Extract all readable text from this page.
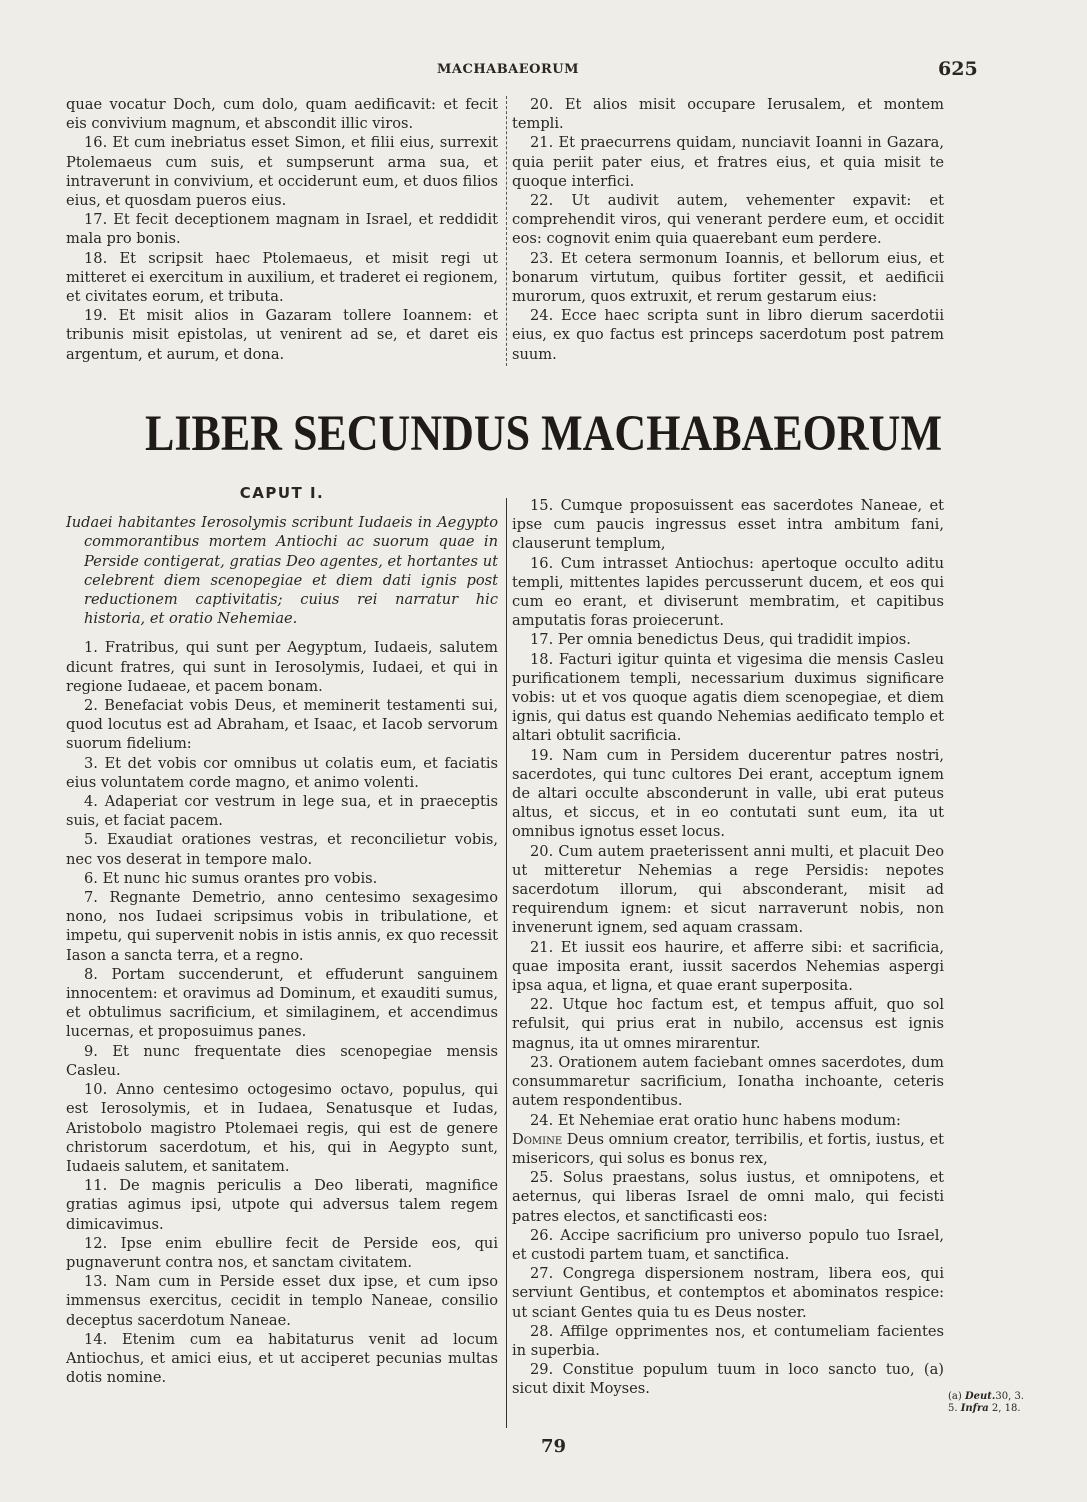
MACHABAEORUM	625

quae vocatur Doch, cum dolo, quam aedificavit: et fecit eis convivium magnum, et abscondit illic viros.

16. Et cum inebriatus esset Simon, et filii eius, surrexit Ptolemaeus cum suis, et sumpserunt arma sua, et intraverunt in convivium, et occiderunt eum, et duos filios eius, et quosdam pueros eius.

17. Et fecit deceptionem magnam in Israel, et reddidit mala pro bonis.

18. Et scripsit haec Ptolemaeus, et misit regi ut mitteret ei exercitum in auxilium, et traderet ei regionem, et civitates eorum, et tributa.

19. Et misit alios in Gazaram tollere Ioannem: et tribunis misit epistolas, ut venirent ad se, et daret eis argentum, et aurum, et dona.

20. Et alios misit occupare Ierusalem, et montem templi.

21. Et praecurrens quidam, nunciavit Ioanni in Gazara, quia periit pater eius, et fratres eius, et quia misit te quoque interfici.

22. Ut audivit autem, vehementer expavit: et comprehendit viros, qui venerant perdere eum, et occidit eos: cognovit enim quia quaerebant eum perdere.

23. Et cetera sermonum Ioannis, et bellorum eius, et bonarum virtutum, quibus fortiter gessit, et aedificii murorum, quos extruxit, et rerum gestarum eius:

24. Ecce haec scripta sunt in libro dierum sacerdotii eius, ex quo factus est princeps sacerdotum post patrem suum.

LIBER SECUNDUS MACHABAEORUM
CAPUT I.
Iudaei habitantes Ierosolymis scribunt Iudaeis in Aegypto commorantibus mortem Antiochi ac suorum quae in Perside contigerat, gratias Deo agentes, et hortantes ut celebrent diem scenopegiae et diem dati ignis post reductionem captivitatis; cuius rei narratur hic historia, et oratio Nehemiae.

1. Fratribus, qui sunt per Aegyptum, Iudaeis, salutem dicunt fratres, qui sunt in Ierosolymis, Iudaei, et qui in regione Iudaeae, et pacem bonam.

2. Benefaciat vobis Deus, et meminerit testamenti sui, quod locutus est ad Abraham, et Isaac, et Iacob servorum suorum fidelium:

3. Et det vobis cor omnibus ut colatis eum, et faciatis eius voluntatem corde magno, et animo volenti.

4. Adaperiat cor vestrum in lege sua, et in praeceptis suis, et faciat pacem.

5. Exaudiat orationes vestras, et reconcilietur vobis, nec vos deserat in tempore malo.

6. Et nunc hic sumus orantes pro vobis.

7. Regnante Demetrio, anno centesimo sexagesimo nono, nos Iudaei scripsimus vobis in tribulatione, et impetu, qui supervenit nobis in istis annis, ex quo recessit Iason a sancta terra, et a regno.

8. Portam succenderunt, et effuderunt sanguinem innocentem: et oravimus ad Dominum, et exauditi sumus, et obtulimus sacrificium, et similaginem, et accendimus lucernas, et proposuimus panes.

9. Et nunc frequentate dies scenopegiae mensis Casleu.

10. Anno centesimo octogesimo octavo, populus, qui est Ierosolymis, et in Iudaea, Senatusque et Iudas, Aristobolo magistro Ptolemaei regis, qui est de genere christorum sacerdotum, et his, qui in Aegypto sunt, Iudaeis salutem, et sanitatem.

11. De magnis periculis a Deo liberati, magnifice gratias agimus ipsi, utpote qui adversus talem regem dimicavimus.

12. Ipse enim ebullire fecit de Perside eos, qui pugnaverunt contra nos, et sanctam civitatem.

13. Nam cum in Perside esset dux ipse, et cum ipso immensus exercitus, cecidit in templo Naneae, consilio deceptus sacerdotum Naneae.

14. Etenim cum ea habitaturus venit ad locum Antiochus, et amici eius, et ut acciperet pecunias multas dotis nomine.

15. Cumque proposuissent eas sacerdotes Naneae, et ipse cum paucis ingressus esset intra ambitum fani, clauserunt templum,

16. Cum intrasset Antiochus: apertoque occulto aditu templi, mittentes lapides percusserunt ducem, et eos qui cum eo erant, et diviserunt membratim, et capitibus amputatis foras proiecerunt.

17. Per omnia benedictus Deus, qui tradidit impios.

18. Facturi igitur quinta et vigesima die mensis Casleu purificationem templi, necessarium duximus significare vobis: ut et vos quoque agatis diem scenopegiae, et diem ignis, qui datus est quando Nehemias aedificato templo et altari obtulit sacrificia.

19. Nam cum in Persidem ducerentur patres nostri, sacerdotes, qui tunc cultores Dei erant, acceptum ignem de altari occulte absconderunt in valle, ubi erat puteus altus, et siccus, et in eo contutati sunt eum, ita ut omnibus ignotus esset locus.

20. Cum autem praeterissent anni multi, et placuit Deo ut mitteretur Nehemias a rege Persidis: nepotes sacerdotum illorum, qui absconderant, misit ad requirendum ignem: et sicut narraverunt nobis, non invenerunt ignem, sed aquam crassam.

21. Et iussit eos haurire, et afferre sibi: et sacrificia, quae imposita erant, iussit sacerdos Nehemias aspergi ipsa aqua, et ligna, et quae erant superposita.

22. Utque hoc factum est, et tempus affuit, quo sol refulsit, qui prius erat in nubilo, accensus est ignis magnus, ita ut omnes mirarentur.

23. Orationem autem faciebant omnes sacerdotes, dum consummaretur sacrificium, Ionatha inchoante, ceteris autem respondentibus.

24. Et Nehemiae erat oratio hunc habens modum:

Domine Deus omnium creator, terribilis, et fortis, iustus, et misericors, qui solus es bonus rex,

25. Solus praestans, solus iustus, et omnipotens, et aeternus, qui liberas Israel de omni malo, qui fecisti patres electos, et sanctificasti eos:

26. Accipe sacrificium pro universo populo tuo Israel, et custodi partem tuam, et sanctifica.

27. Congrega dispersionem nostram, libera eos, qui serviunt Gentibus, et contemptos et abominatos respice: ut sciant Gentes quia tu es Deus noster.

28. Affilge opprimentes nos, et contumeliam facientes in superbia.

29. Constitue populum tuum in loco sancto tuo, (a) sicut dixit Moyses.	(a) Deut.30, 3. 5. Infra 2, 18.
79
